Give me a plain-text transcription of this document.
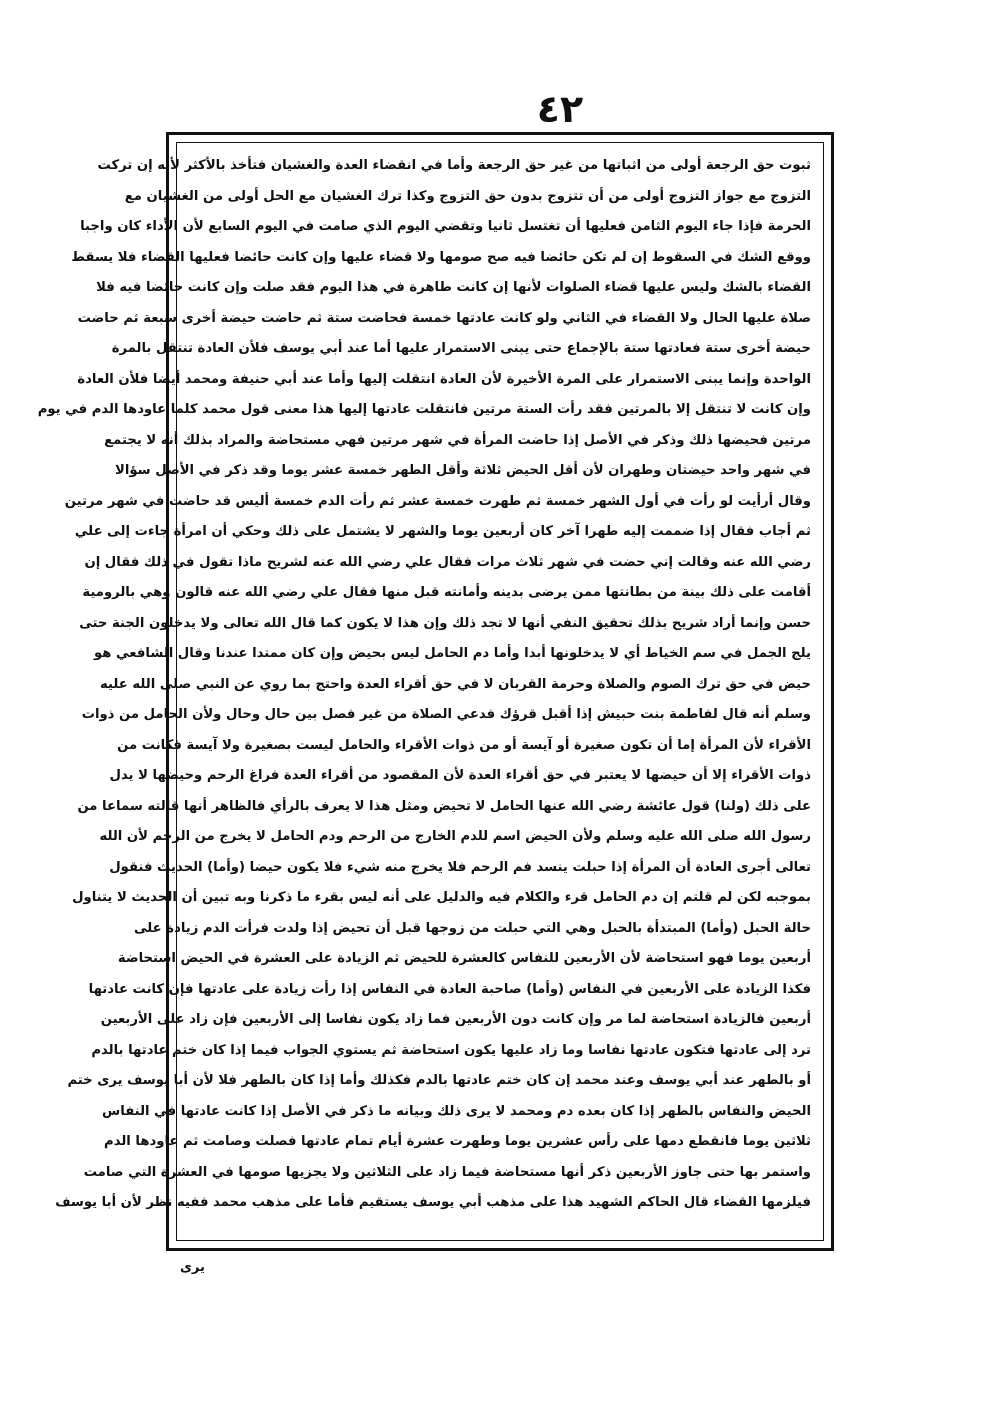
٤٢
ثبوت حق الرجعة أولى من اثباتها من غير حق الرجعة وأما في انقضاء العدة والغشيان فتأخذ بالأكثر لأنه إن تركت
التزوج مع جواز التزوج أولى من أن تتزوج بدون حق التزوج وكذا ترك الغشيان مع الحل أولى من الغشيان مع
الحرمة فإذا جاء اليوم الثامن فعليها أن تغتسل ثانيا وتقضي اليوم الذي صامت في اليوم السابع لأن الأداء كان واجبا
ووقع الشك في السقوط إن لم تكن حائضا فيه صح صومها ولا قضاء عليها وإن كانت حائضا فعليها القضاء فلا يسقط
القضاء بالشك وليس عليها قضاء الصلوات لأنها إن كانت طاهرة في هذا اليوم فقد صلت وإن كانت حائضا فيه فلا
صلاة عليها الحال ولا القضاء في الثاني ولو كانت عادتها خمسة فحاضت ستة ثم حاضت حيضة أخرى سبعة ثم حاضت
حيضة أخرى ستة فعادتها ستة بالإجماع حتى يبنى الاستمرار عليها أما عند أبي يوسف فلأن العادة تنتقل بالمرة
الواحدة وإنما يبنى الاستمرار على المرة الأخيرة لأن العادة انتقلت إليها وأما عند أبي حنيفة ومحمد أيضا فلأن العادة
وإن كانت لا تنتقل إلا بالمرتين فقد رأت الستة مرتين فانتقلت عادتها إليها هذا معنى قول محمد كلما عاودها الدم في يوم
مرتين فحيضها ذلك وذكر في الأصل إذا حاضت المرأة في شهر مرتين فهي مستحاضة والمراد بذلك أنه لا يجتمع
في شهر واحد حيضتان وطهران لأن أقل الحيض ثلاثة وأقل الطهر خمسة عشر يوما وقد ذكر في الأصل سؤالا
وقال أرأيت لو رأت في أول الشهر خمسة ثم طهرت خمسة عشر ثم رأت الدم خمسة أليس قد حاضت في شهر مرتين
ثم أجاب فقال إذا ضممت إليه طهرا آخر كان أربعين يوما والشهر لا يشتمل على ذلك وحكي أن امرأة جاءت إلى علي
رضي الله عنه وقالت إني حضت في شهر ثلاث مرات فقال علي رضي الله عنه لشريح ماذا تقول في ذلك فقال إن
أقامت على ذلك بينة من بطانتها ممن يرضى بدينه وأمانته قبل منها فقال علي رضي الله عنه قالون وهي بالرومية
حسن وإنما أراد شريح بذلك تحقيق النفي أنها لا تجد ذلك وإن هذا لا يكون كما قال الله تعالى ولا يدخلون الجنة حتى
يلج الجمل في سم الخياط أي لا يدخلونها أبدا وأما دم الحامل ليس بحيض وإن كان ممتدا عندنا وقال الشافعي هو
حيض في حق ترك الصوم والصلاة وحرمة القربان لا في حق أقراء العدة واحتج بما روي عن النبي صلى الله عليه
وسلم أنه قال لفاطمة بنت حبيش إذا أقبل قرؤك فدعي الصلاة من غير فصل بين حال وحال ولأن الحامل من ذوات
الأقراء لأن المرأة إما أن تكون صغيرة أو آيسة أو من ذوات الأقراء والحامل ليست بصغيرة ولا آيسة فكانت من
ذوات الأقراء إلا أن حيضها لا يعتبر في حق أقراء العدة لأن المقصود من أقراء العدة فراغ الرحم وحيضها لا يدل
على ذلك (ولنا) قول عائشة رضي الله عنها الحامل لا تحيض ومثل هذا لا يعرف بالرأي فالظاهر أنها قالته سماعا من
رسول الله صلى الله عليه وسلم ولأن الحيض اسم للدم الخارج من الرحم ودم الحامل لا يخرج من الرحم لأن الله
تعالى أجرى العادة أن المرأة إذا حبلت ينسد فم الرحم فلا يخرج منه شيء فلا يكون حيضا (وأما) الحديث فنقول
بموجبه لكن لم قلتم إن دم الحامل قرء والكلام فيه والدليل على أنه ليس بقرء ما ذكرنا وبه تبين أن الحديث لا يتناول
حالة الحبل (وأما) المبتدأة بالحبل وهي التي حبلت من زوجها قبل أن تحيض إذا ولدت فرأت الدم زيادة على
أربعين يوما فهو استحاضة لأن الأربعين للنفاس كالعشرة للحيض ثم الزيادة على العشرة في الحيض استحاضة
فكذا الزيادة على الأربعين في النفاس (وأما) صاحبة العادة في النفاس إذا رأت زيادة على عادتها فإن كانت عادتها
أربعين فالزيادة استحاضة لما مر وإن كانت دون الأربعين فما زاد يكون نفاسا إلى الأربعين فإن زاد على الأربعين
ترد إلى عادتها فتكون عادتها نفاسا وما زاد عليها يكون استحاضة ثم يستوي الجواب فيما إذا كان ختم عادتها بالدم
أو بالطهر عند أبي يوسف وعند محمد إن كان ختم عادتها بالدم فكذلك وأما إذا كان بالطهر فلا لأن أبا يوسف يرى ختم
الحيض والنفاس بالطهر إذا كان بعده دم ومحمد لا يرى ذلك وبيانه ما ذكر في الأصل إذا كانت عادتها في النفاس
ثلاثين يوما فانقطع دمها على رأس عشرين يوما وطهرت عشرة أيام تمام عادتها فصلت وصامت ثم عاودها الدم
واستمر بها حتى جاوز الأربعين ذكر أنها مستحاضة فيما زاد على الثلاثين ولا يجزيها صومها في العشرة التي صامت
فيلزمها القضاء قال الحاكم الشهيد هذا على مذهب أبي يوسف يستقيم فأما على مذهب محمد ففيه نظر لأن أبا يوسف
يرى
